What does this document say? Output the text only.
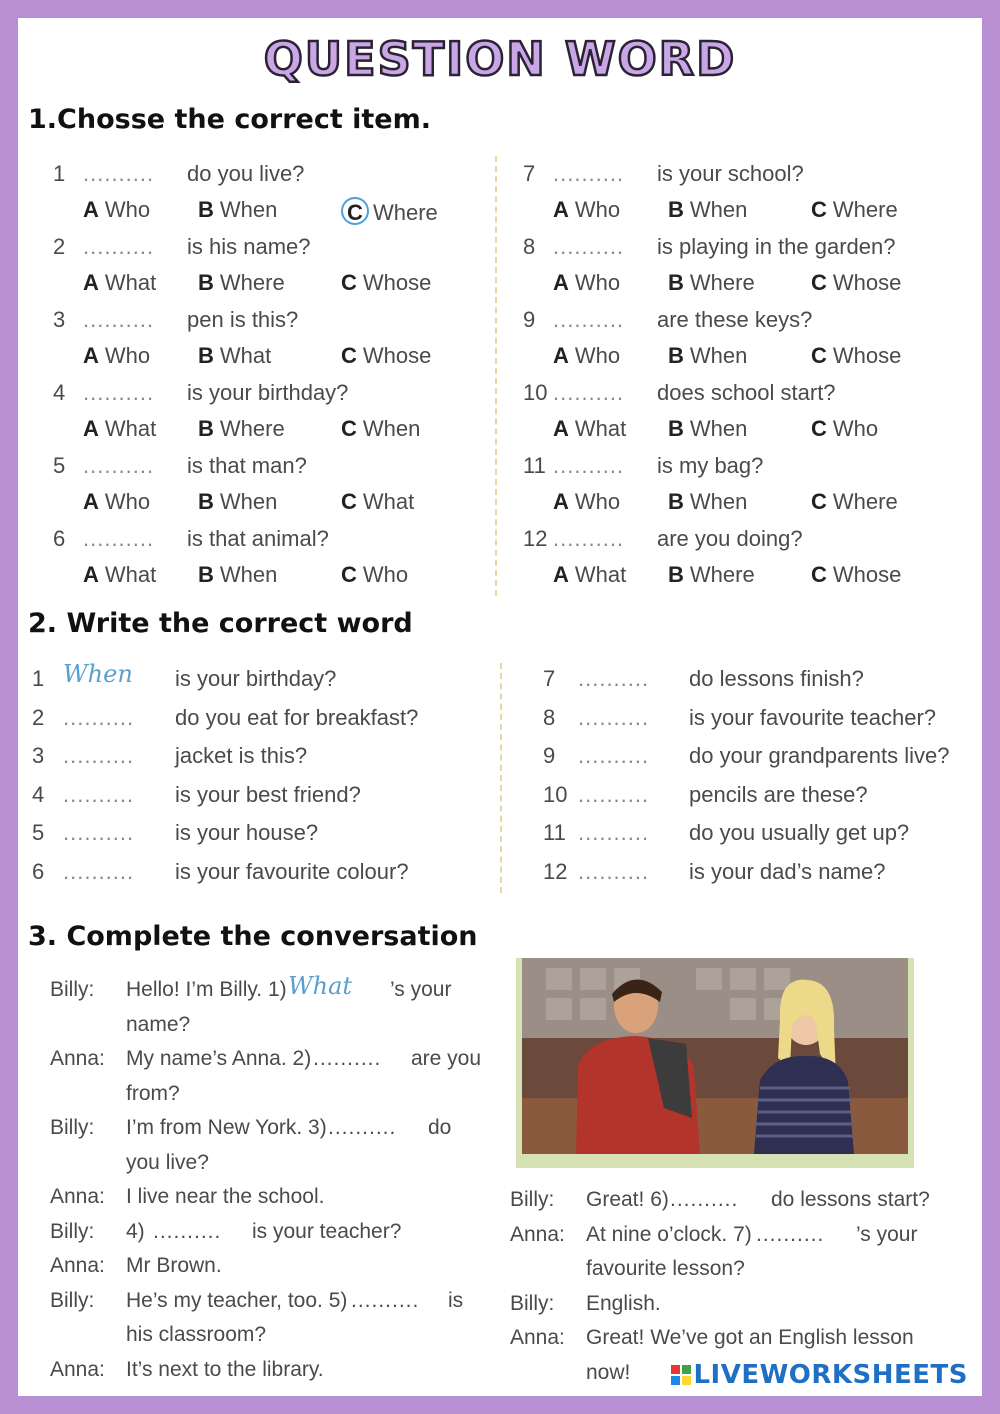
QUESTION WORD
1.Chosse the correct item.
1 .......... do you live?
A Who B When	C Where
2 .......... is his name?
A What B Where	C Whose
3 .......... pen is this?
A Who B What	C Whose
4 .......... is your birthday?
A What B Where	C When
5 .......... is that man?
A Who B When	C What
6 .......... is that animal?
A What B When	C Who
7 .......... is your school?
A Who B When	C Where
8 .......... is playing in the garden?
A Who B Where	C Whose
9 .......... are these keys?
A Who B When	C Whose
10 .......... does school start?
A What B When	C Who
11 .......... is my bag?
A Who B When	C Where
12 .......... are you doing?
A What B Where	C Whose
2. Write the correct word
1 When is your birthday?
2 .......... do you eat for breakfast?
3 .......... jacket is this?
4 .......... is your best friend?
5 .......... is your house?
6 .......... is your favourite colour?
7 .......... do lessons finish?
8 .......... is your favourite teacher?
9 .......... do your grandparents live?
10 .......... pencils are these?
11 .......... do you usually get up?
12 .......... is your dad’s name?
3. Complete the conversation
Billy: Hello! I’m Billy. 1) What ’s your
name?
Anna: My name’s Anna. 2) .......... are you
from?
Billy: I’m from New York. 3) .......... do
you live?
Anna: I live near the school.
Billy: 4) .......... is your teacher?
Anna: Mr Brown.
Billy: He’s my teacher, too. 5) .......... is
his classroom?
Anna: It’s next to the library.
Billy: Great! 6) .......... do lessons start?
Anna: At nine o’clock. 7) .......... ’s your
favourite lesson?
Billy: English.
Anna: Great! We’ve got an English lesson
now!	LIVEWORKSHEETS
